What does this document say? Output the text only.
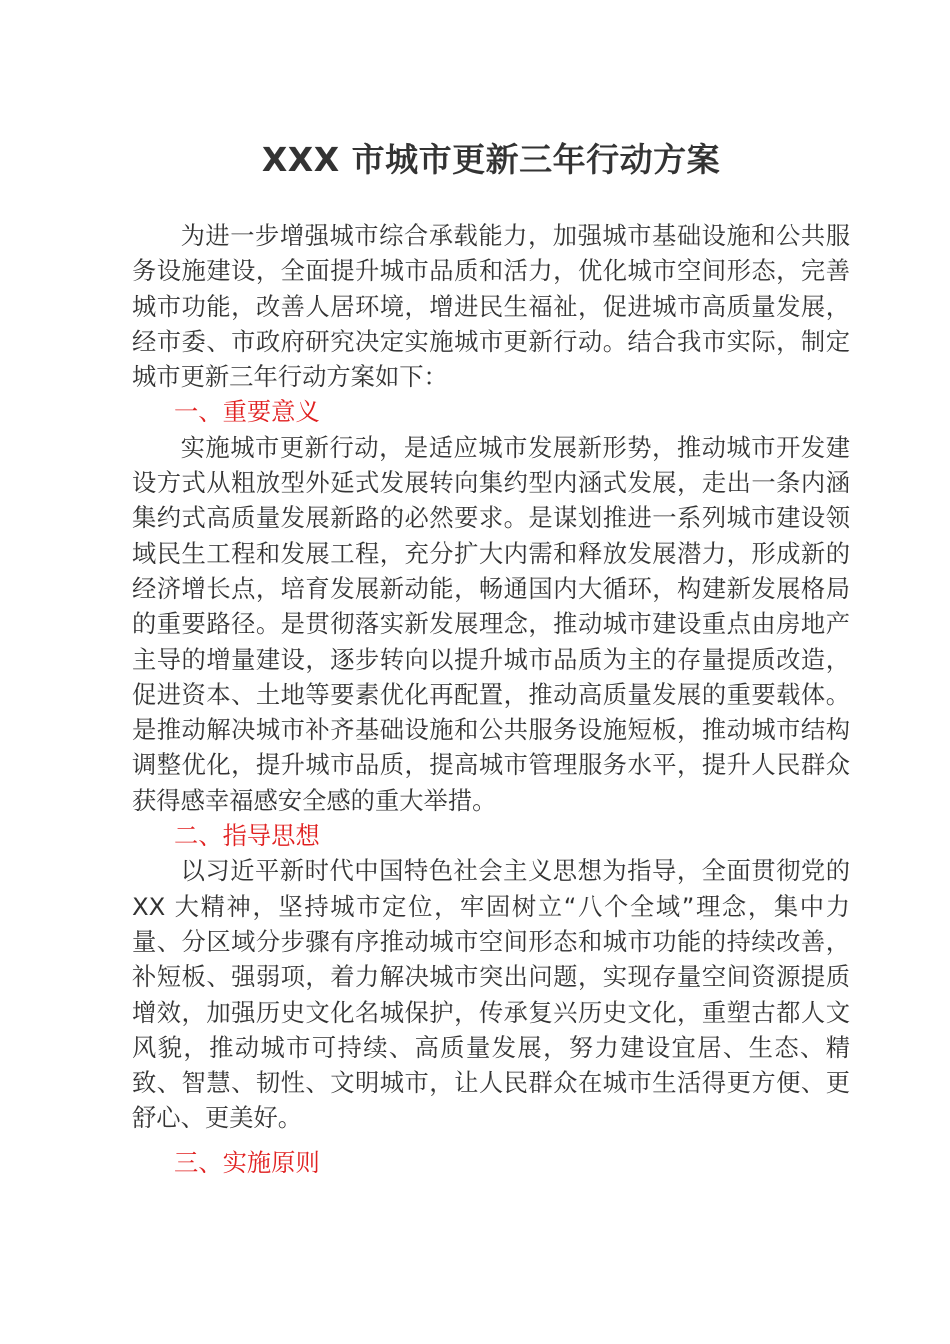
XXX 市城市更新三年行动方案

为进一步增强城市综合承载能力，加强城市基础设施和公共服务设施建设，全面提升城市品质和活力，优化城市空间形态，完善城市功能，改善人居环境，增进民生福祉，促进城市高质量发展，经市委、市政府研究决定实施城市更新行动。结合我市实际，制定城市更新三年行动方案如下：

一、重要意义

实施城市更新行动，是适应城市发展新形势，推动城市开发建设方式从粗放型外延式发展转向集约型内涵式发展，走出一条内涵集约式高质量发展新路的必然要求。是谋划推进一系列城市建设领域民生工程和发展工程，充分扩大内需和释放发展潜力，形成新的经济增长点，培育发展新动能，畅通国内大循环，构建新发展格局的重要路径。是贯彻落实新发展理念，推动城市建设重点由房地产主导的增量建设，逐步转向以提升城市品质为主的存量提质改造，促进资本、土地等要素优化再配置，推动高质量发展的重要载体。是推动解决城市补齐基础设施和公共服务设施短板，推动城市结构调整优化，提升城市品质，提高城市管理服务水平，提升人民群众获得感幸福感安全感的重大举措。

二、指导思想

以习近平新时代中国特色社会主义思想为指导，全面贯彻党的 XX 大精神，坚持城市定位，牢固树立“八个全域”理念，集中力量、分区域分步骤有序推动城市空间形态和城市功能的持续改善，补短板、强弱项，着力解决城市突出问题，实现存量空间资源提质增效，加强历史文化名城保护，传承复兴历史文化，重塑古都人文风貌，推动城市可持续、高质量发展，努力建设宜居、生态、精致、智慧、韧性、文明城市，让人民群众在城市生活得更方便、更舒心、更美好。

三、实施原则
